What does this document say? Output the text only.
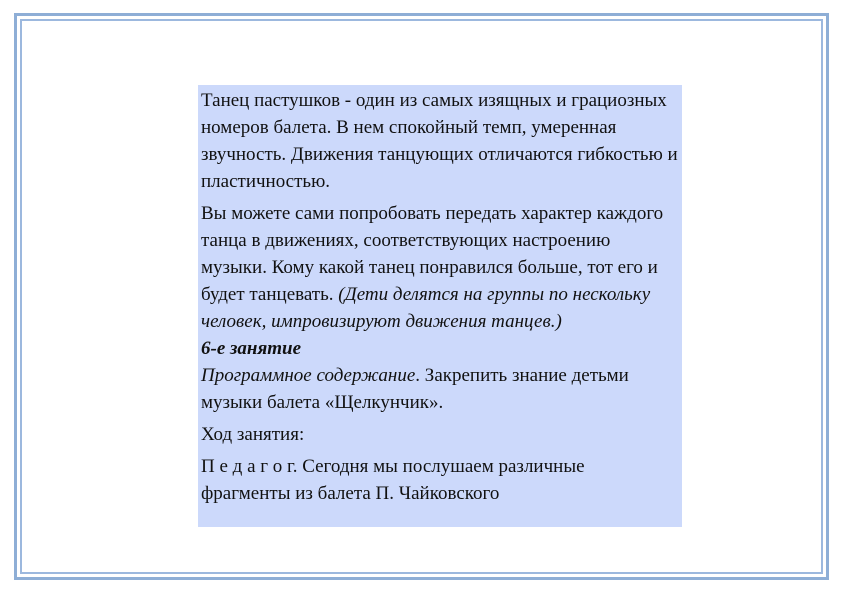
Танец пастушков - один из самых изящных и грациозных номеров балета. В нем спокойный темп, умеренная звучность. Движения танцующих отличаются гибкостью и пластичностью.

Вы можете сами попробовать передать характер каждого танца в движениях, соответствующих настроению музыки. Кому какой танец понравился больше, тот его и будет танцевать. (Дети делятся на группы по нескольку человек, импровизируют движения танцев.)

6-е занятие

Программное содержание. Закрепить знание детьми музыки балета «Щелкунчик».

Ход занятия:

П е д а г о г. Сегодня мы послушаем различные фрагменты из балета П. Чайковского
